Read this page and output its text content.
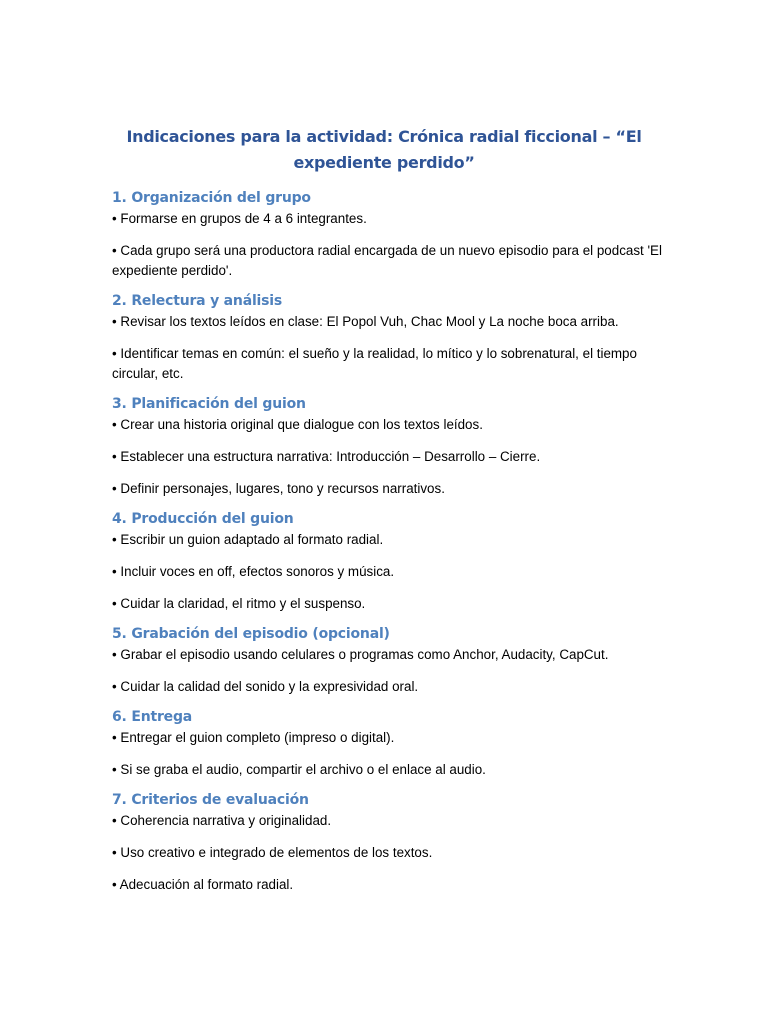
Indicaciones para la actividad: Crónica radial ficcional – “El expediente perdido”
1. Organización del grupo

• Formarse en grupos de 4 a 6 integrantes.

• Cada grupo será una productora radial encargada de un nuevo episodio para el podcast 'El expediente perdido'.

2. Relectura y análisis

• Revisar los textos leídos en clase: El Popol Vuh, Chac Mool y La noche boca arriba.

• Identificar temas en común: el sueño y la realidad, lo mítico y lo sobrenatural, el tiempo circular, etc.

3. Planificación del guion

• Crear una historia original que dialogue con los textos leídos.

• Establecer una estructura narrativa: Introducción – Desarrollo – Cierre.

• Definir personajes, lugares, tono y recursos narrativos.

4. Producción del guion

• Escribir un guion adaptado al formato radial.

• Incluir voces en off, efectos sonoros y música.

• Cuidar la claridad, el ritmo y el suspenso.

5. Grabación del episodio (opcional)

• Grabar el episodio usando celulares o programas como Anchor, Audacity, CapCut.

• Cuidar la calidad del sonido y la expresividad oral.

6. Entrega

• Entregar el guion completo (impreso o digital).

• Si se graba el audio, compartir el archivo o el enlace al audio.

7. Criterios de evaluación

• Coherencia narrativa y originalidad.

• Uso creativo e integrado de elementos de los textos.

• Adecuación al formato radial.
